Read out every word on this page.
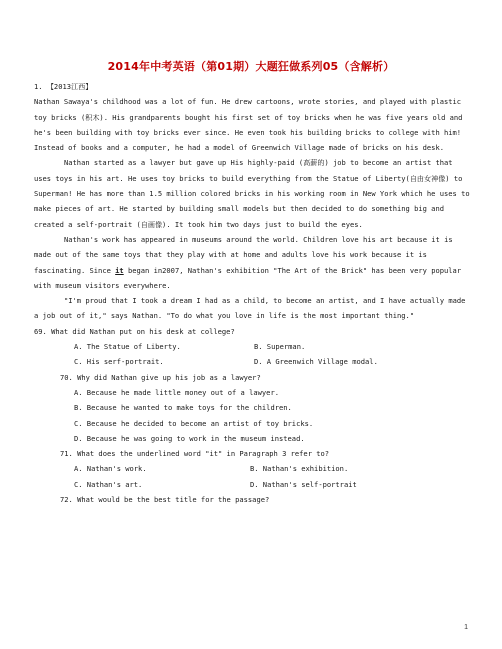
2014年中考英语（第01期）大题狂做系列05（含解析）

1. 【2013江西】

Nathan Sawaya's childhood was a lot of fun. He drew cartoons, wrote stories, and played with plastic toy bricks (积木). His grandparents bought his first set of toy bricks when he was five years old and he's been building with toy bricks ever since. He even took his building bricks to college with him! Instead of books and a computer, he had a model of Greenwich Village made of bricks on his desk.

Nathan started as a lawyer but gave up His highly-paid (高薪的) job to become an artist that uses toys in his art. He uses toy bricks to build everything from the Statue of Liberty(自由女神像) to Superman! He has more than 1.5 million colored bricks in his working room in New York which he uses to make pieces of art. He started by building small models but then decided to do something big and created a self-portrait (自画像). It took him two days just to build the eyes.

Nathan's work has appeared in museums around the world. Children love his art because it is made out of the same toys that they play with at home and adults love his work because it is fascinating. Since it began in2007, Nathan's exhibition "The Art of the Brick" has been very popular with museum visitors everywhere.

"I'm proud that I took a dream I had as a child, to become an artist, and I have actually made a job out of it," says Nathan. "To do what you love in life is the most important thing."

69. What did Nathan put on his desk at college?

A. The Statue of Liberty.	B. Superman.
C. His serf-portrait.	D. A Greenwich Village modal.

70. Why did Nathan give up his job as a lawyer?

A. Because he made little money out of a lawyer.

B. Because he wanted to make toys for the children.

C. Because he decided to become an artist of toy bricks.

D. Because he was going to work in the museum instead.

71. What does the underlined word "it" in Paragraph 3 refer to?

A. Nathan's work.	B. Nathan's exhibition.
C. Nathan's art.	D. Nathan's self-portrait

72. What would be the best title for the passage?

1
